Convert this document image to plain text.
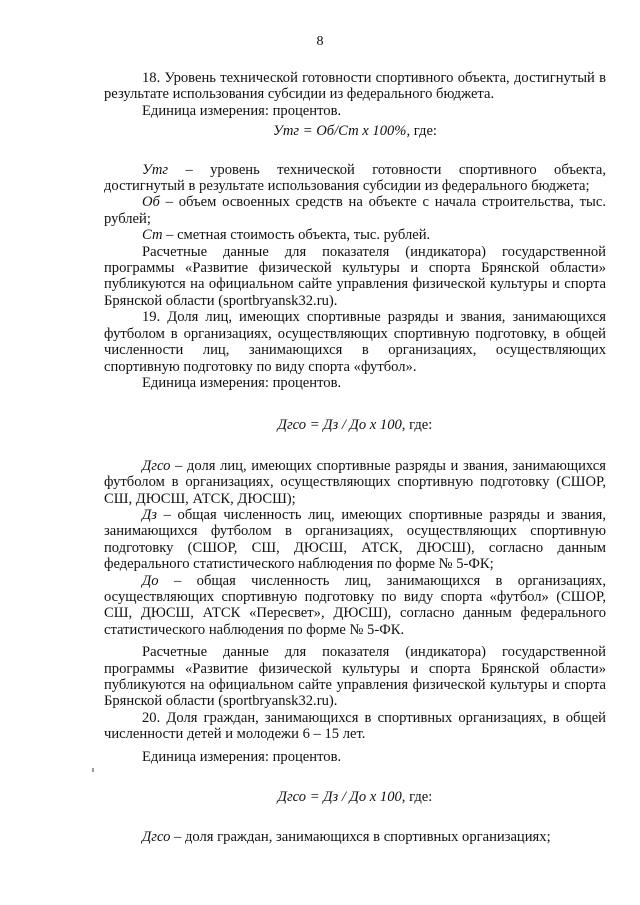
8

18. Уровень технической готовности спортивного объекта, достигнутый в результате использования субсидии из федерального бюджета.

Единица измерения: процентов.

Утг = Об/Ст х 100%, где:

Утг – уровень технической готовности спортивного объекта, достигнутый в результате использования субсидии из федерального бюджета;

Об – объем освоенных средств на объекте с начала строительства, тыс. рублей;

Ст – сметная стоимость объекта, тыс. рублей.

Расчетные данные для показателя (индикатора) государственной программы «Развитие физической культуры и спорта Брянской области» публикуются на официальном сайте управления физической культуры и спорта Брянской области (sportbryansk32.ru).

19. Доля лиц, имеющих спортивные разряды и звания, занимающихся футболом в организациях, осуществляющих спортивную подготовку, в общей численности лиц, занимающихся в организациях, осуществляющих спортивную подготовку по виду спорта «футбол».

Единица измерения: процентов.

Дгсо = Дз / До х 100, где:

Дгсо – доля лиц, имеющих спортивные разряды и звания, занимающихся футболом в организациях, осуществляющих спортивную подготовку (СШОР, СШ, ДЮСШ, АТСК, ДЮСШ);

Дз – общая численность лиц, имеющих спортивные разряды и звания, занимающихся футболом в организациях, осуществляющих спортивную подготовку (СШОР, СШ, ДЮСШ, АТСК, ДЮСШ), согласно данным федерального статистического наблюдения по форме № 5-ФК;

До – общая численность лиц, занимающихся в организациях, осуществляющих спортивную подготовку по виду спорта «футбол» (СШОР, СШ, ДЮСШ, АТСК «Пересвет», ДЮСШ), согласно данным федерального статистического наблюдения по форме № 5-ФК.

Расчетные данные для показателя (индикатора) государственной программы «Развитие физической культуры и спорта Брянской области» публикуются на официальном сайте управления физической культуры и спорта Брянской области (sportbryansk32.ru).

20. Доля граждан, занимающихся в спортивных организациях, в общей численности детей и молодежи 6 – 15 лет.

Единица измерения: процентов.

Дгсо = Дз / До х 100, где:

Дгсо – доля граждан, занимающихся в спортивных организациях;
